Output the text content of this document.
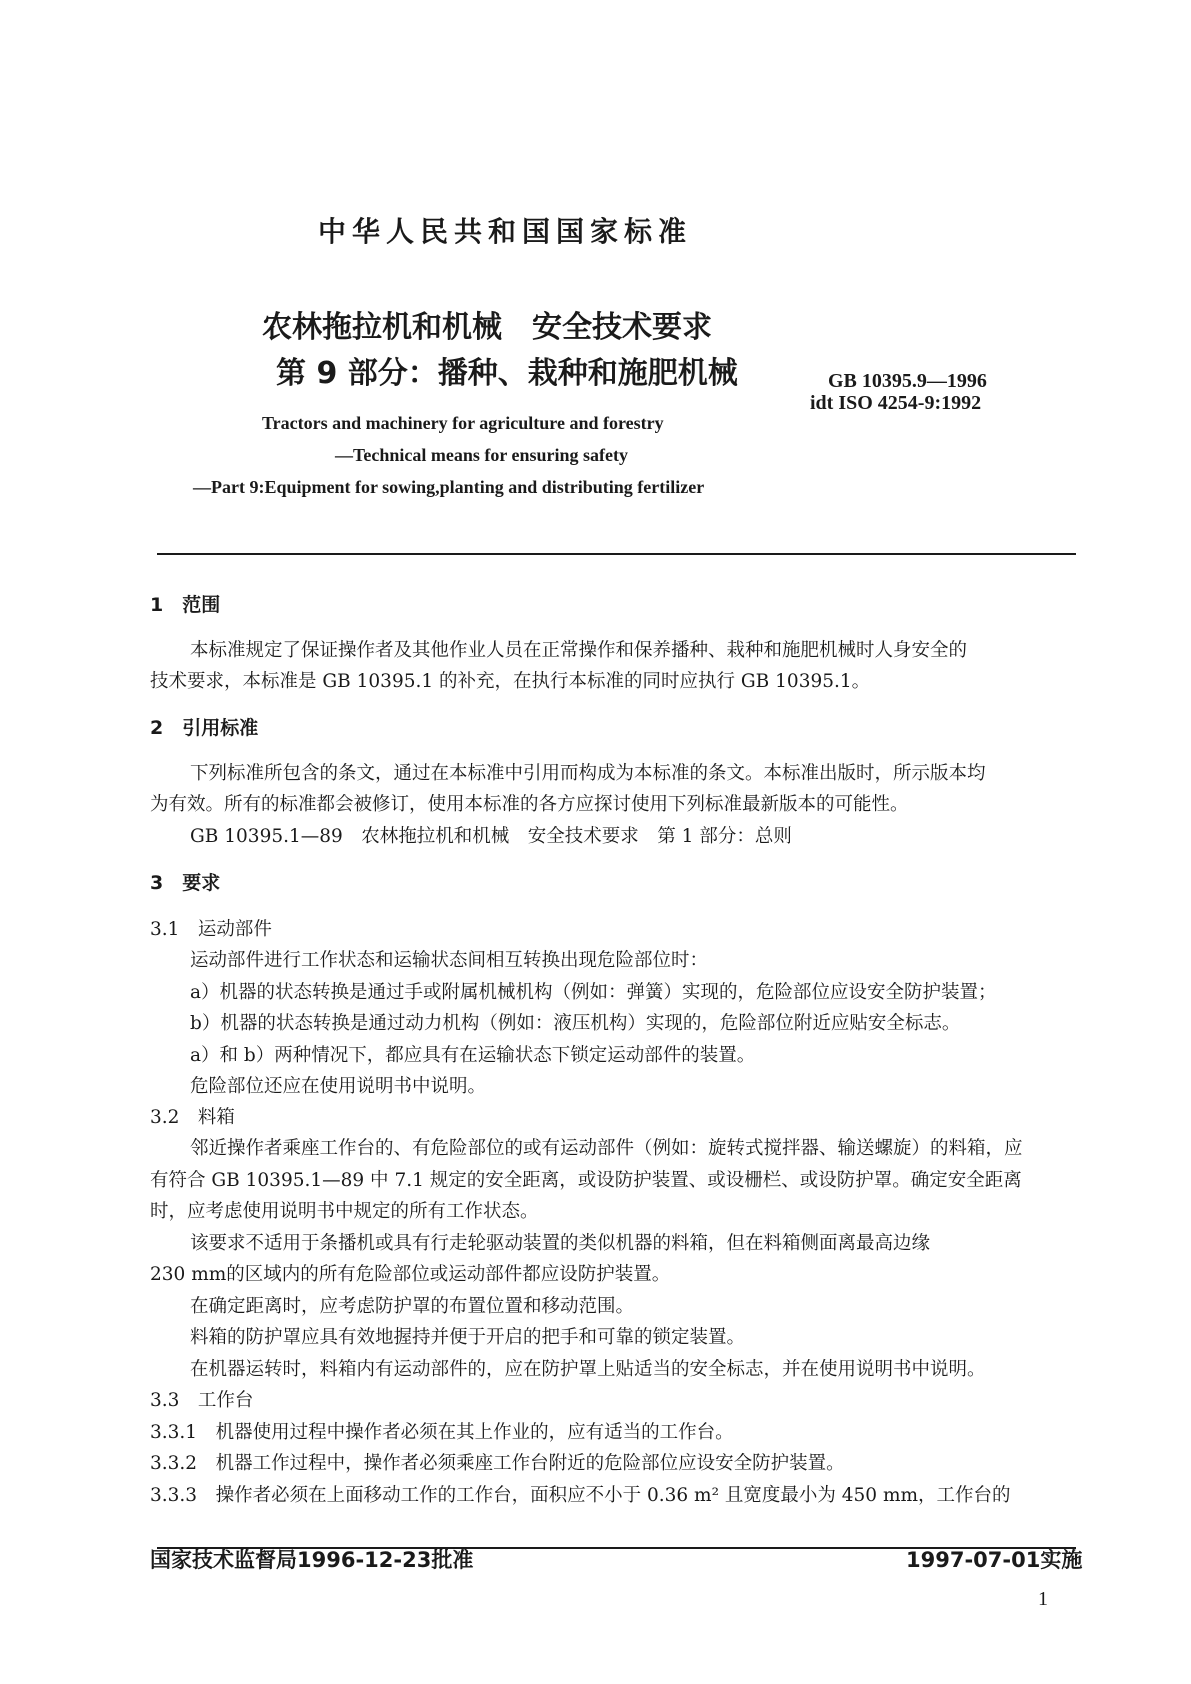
中华人民共和国国家标准
农林拖拉机和机械　安全技术要求
第 9 部分：播种、栽种和施肥机械	GB 10395.9—1996
idt ISO 4254-9:1992
Tractors and machinery for agriculture and forestry
—Technical means for ensuring safety
—Part 9:Equipment for sowing,planting and distributing fertilizer
1　范围
本标准规定了保证操作者及其他作业人员在正常操作和保养播种、栽种和施肥机械时人身安全的
技术要求，本标准是 GB 10395.1 的补充，在执行本标准的同时应执行 GB 10395.1。
2　引用标准
下列标准所包含的条文，通过在本标准中引用而构成为本标准的条文。本标准出版时，所示版本均
为有效。所有的标准都会被修订，使用本标准的各方应探讨使用下列标准最新版本的可能性。
GB 10395.1—89　农林拖拉机和机械　安全技术要求　第 1 部分：总则
3　要求
3.1　运动部件
运动部件进行工作状态和运输状态间相互转换出现危险部位时：
a）机器的状态转换是通过手或附属机械机构（例如：弹簧）实现的，危险部位应设安全防护装置；
b）机器的状态转换是通过动力机构（例如：液压机构）实现的，危险部位附近应贴安全标志。
a）和 b）两种情况下，都应具有在运输状态下锁定运动部件的装置。
危险部位还应在使用说明书中说明。
3.2　料箱
邻近操作者乘座工作台的、有危险部位的或有运动部件（例如：旋转式搅拌器、输送螺旋）的料箱，应
有符合 GB 10395.1—89 中 7.1 规定的安全距离，或设防护装置、或设栅栏、或设防护罩。确定安全距离
时，应考虑使用说明书中规定的所有工作状态。
该要求不适用于条播机或具有行走轮驱动装置的类似机器的料箱，但在料箱侧面离最高边缘
230 mm的区域内的所有危险部位或运动部件都应设防护装置。
在确定距离时，应考虑防护罩的布置位置和移动范围。
料箱的防护罩应具有效地握持并便于开启的把手和可靠的锁定装置。
在机器运转时，料箱内有运动部件的，应在防护罩上贴适当的安全标志，并在使用说明书中说明。
3.3　工作台
3.3.1　机器使用过程中操作者必须在其上作业的，应有适当的工作台。
3.3.2　机器工作过程中，操作者必须乘座工作台附近的危险部位应设安全防护装置。
3.3.3　操作者必须在上面移动工作的工作台，面积应不小于 0.36 m² 且宽度最小为 450 mm，工作台的
国家技术监督局1996-12-23批准	1997-07-01实施
1
